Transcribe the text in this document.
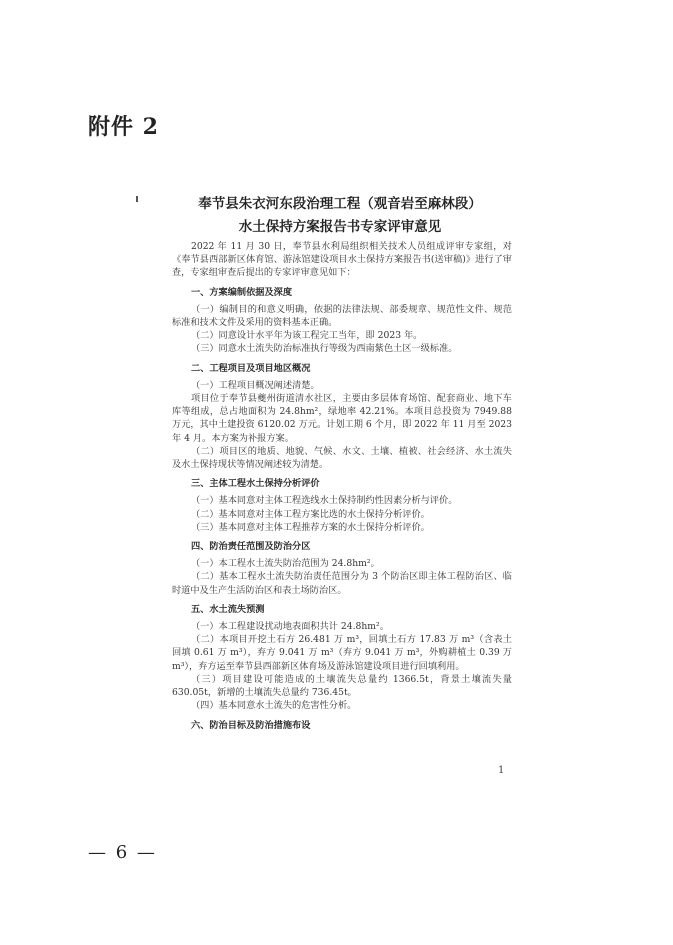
附件 2
奉节县朱衣河东段治理工程（观音岩至麻林段）
水土保持方案报告书专家评审意见

2022 年 11 月 30 日，奉节县水利局组织相关技术人员组成评审专家组，对《奉节县西部新区体育馆、游泳馆建设项目水土保持方案报告书(送审稿)》进行了审查，专家组审查后提出的专家评审意见如下：

一、方案编制依据及深度

（一）编制目的和意义明确，依据的法律法规、部委规章、规范性文件、规范标准和技术文件及采用的资料基本正确。

（二）同意设计水平年为该工程完工当年，即 2023 年。

（三）同意水土流失防治标准执行等级为西南紫色土区一级标准。

二、工程项目及项目地区概况

（一）工程项目概况阐述清楚。

项目位于奉节县夔州街道清水社区，主要由多层体育场馆、配套商业、地下车库等组成，总占地面积为 24.8hm²，绿地率 42.21%。本项目总投资为 7949.88 万元，其中土建投资 6120.02 万元。计划工期 6 个月，即 2022 年 11 月至 2023 年 4 月。本方案为补报方案。

（二）项目区的地质、地貌、气候、水文、土壤、植被、社会经济、水土流失及水土保持现状等情况阐述较为清楚。

三、主体工程水土保持分析评价

（一）基本同意对主体工程选线水土保持制约性因素分析与评价。

（二）基本同意对主体工程方案比选的水土保持分析评价。

（三）基本同意对主体工程推荐方案的水土保持分析评价。

四、防治责任范围及防治分区

（一）本工程水土流失防治范围为 24.8hm²。

（二）基本工程水土流失防治责任范围分为 3 个防治区即主体工程防治区、临时道中及生产生活防治区和表土场防治区。

五、水土流失预测

（一）本工程建设扰动地表面积共计 24.8hm²。

（二）本项目开挖土石方 26.481 万 m³，回填土石方 17.83 万 m³（含表土回填 0.61 万 m³），弃方 9.041 万 m³（弃方 9.041 万 m³，外购耕植土 0.39 万 m³），弃方运至奉节县西部新区体育场及游泳馆建设项目进行回填利用。

（三）项目建设可能造成的土壤流失总量约 1366.5t，背景土壤流失量 630.05t，新增的土壤流失总量约 736.45t。

（四）基本同意水土流失的危害性分析。

六、防治目标及防治措施布设

1
— 6 —
